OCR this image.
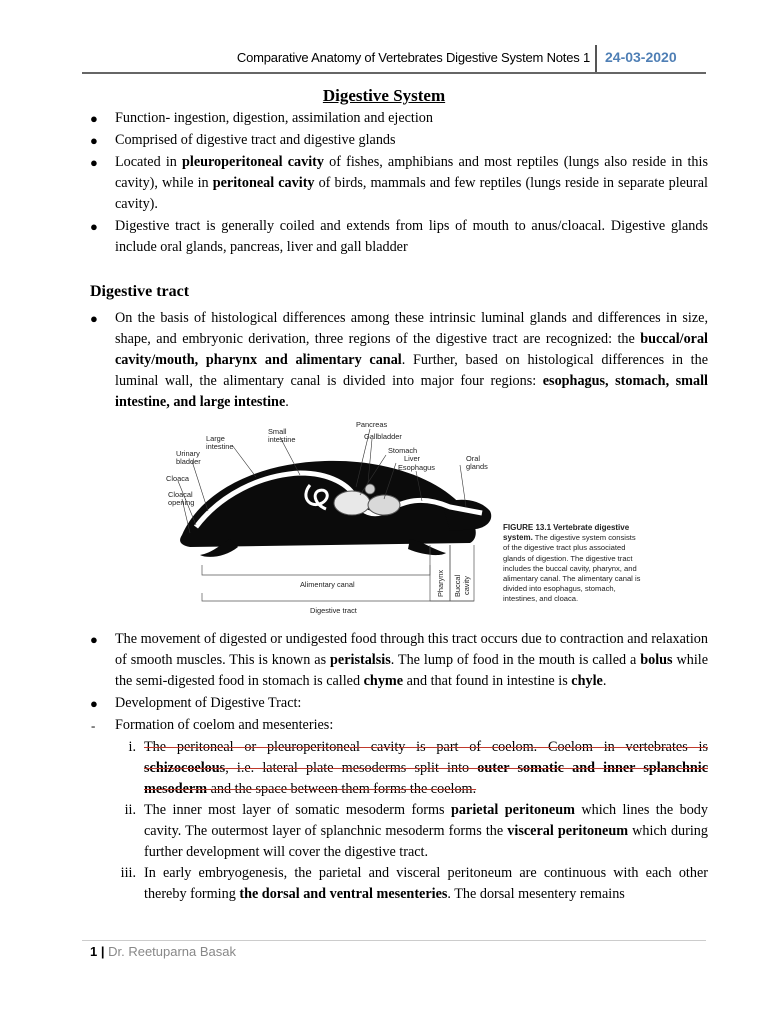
Comparative Anatomy of Vertebrates Digestive System Notes 1 24-03-2020
Digestive System
● Function- ingestion, digestion, assimilation and ejection
● Comprised of digestive tract and digestive glands
● Located in pleuroperitoneal cavity of fishes, amphibians and most reptiles (lungs also reside in this cavity), while in peritoneal cavity of birds, mammals and few reptiles (lungs reside in separate pleural cavity).
● Digestive tract is generally coiled and extends from lips of mouth to anus/cloacal. Digestive glands include oral glands, pancreas, liver and gall bladder
Digestive tract
● On the basis of histological differences among these intrinsic luminal glands and differences in size, shape, and embryonic derivation, three regions of the digestive tract are recognized: the buccal/oral cavity/mouth, pharynx and alimentary canal. Further, based on histological differences in the luminal wall, the alimentary canal is divided into major four regions: esophagus, stomach, small intestine, and large intestine.
Pancreas
Small
intestine	Gallbladder
Large
intestine
Urinary
bladder
Stomach
Liver
Esophagus
Oral
glands
Cloaca
Cloacal
opening
Alimentary canal	Pharynx Buccal cavity
Digestive tract
FIGURE 13.1 Vertebrate digestive system. The digestive system consists of the digestive tract plus associated glands of digestion. The digestive tract includes the buccal cavity, pharynx, and alimentary canal. The alimentary canal is divided into esophagus, stomach, intestines, and cloaca.
● The movement of digested or undigested food through this tract occurs due to contraction and relaxation of smooth muscles. This is known as peristalsis. The lump of food in the mouth is called a bolus while the semi-digested food in stomach is called chyme and that found in intestine is chyle.
● Development of Digestive Tract:
- Formation of coelom and mesenteries:
i. The peritoneal or pleuroperitoneal cavity is part of coelom. Coelom in vertebrates is schizocoelous, i.e. lateral plate mesoderms split into outer somatic and inner splanchnic mesoderm and the space between them forms the coelom.
ii. The inner most layer of somatic mesoderm forms parietal peritoneum which lines the body cavity. The outermost layer of splanchnic mesoderm forms the visceral peritoneum which during further development will cover the digestive tract.
iii. In early embryogenesis, the parietal and visceral peritoneum are continuous with each other thereby forming the dorsal and ventral mesenteries. The dorsal mesentery remains
1 | Dr. Reetuparna Basak
